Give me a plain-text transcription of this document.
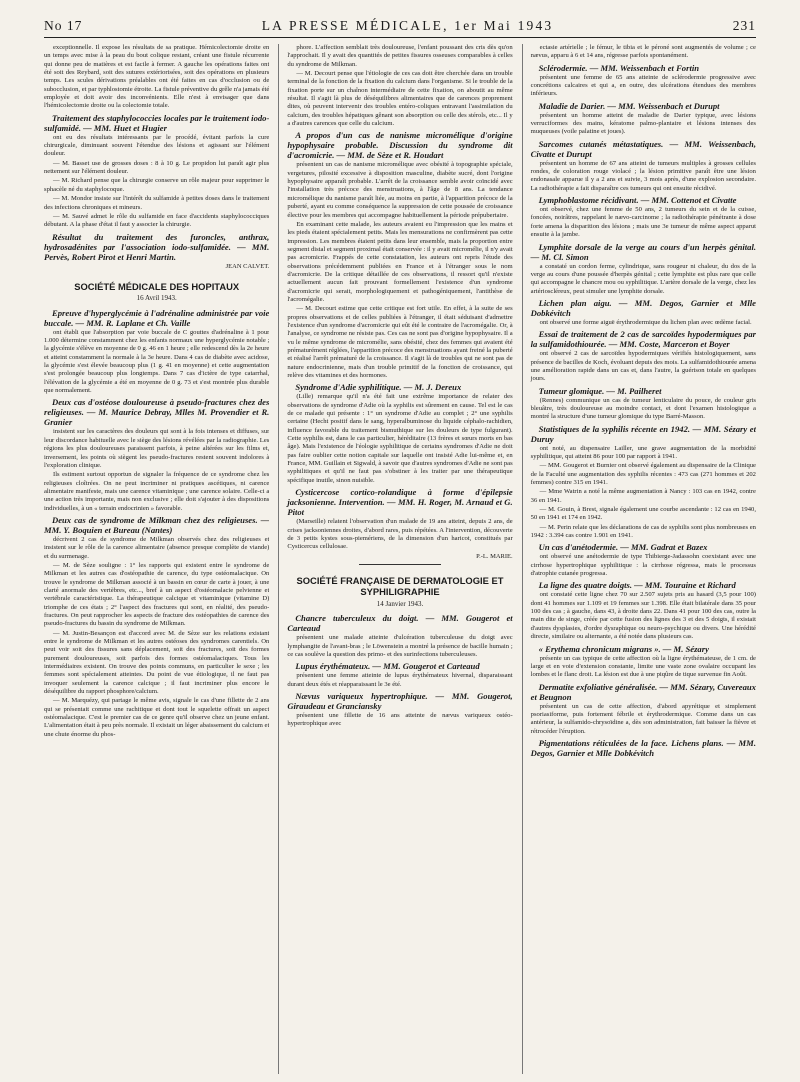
No 17	LA PRESSE MÉDICALE, 1er Mai 1943	231

exceptionnelle. Il expose les résultats de sa pratique. Hémicolectomie droite en un temps avec mise à la peau du bout colique restant, créant une fistule récurrente qui donne peu de matières et est facile à fermer. A gauche les opérations faites ont été soit des Reybard, soit des sutures extériorisées, soit des opérations en plusieurs temps. Les scules dérivations préalables ont été faites en cas d'occlusion ou de subocclusion, et par typhlostomie étroite. La fistule préventive du grêle n'a jamais été employée et doit avoir des inconvénients. Elle n'est à envisager que dans l'hémicolectomie droite ou la colectomie totale.

Traitement des staphylococcies locales par le traitement iodo-sulfamidé. — MM. Huet et Hugier

ont eu des résultats intéressants par le procédé, évitant parfois la cure chirurgicale, diminuant souvent l'étendue des lésions et agissant sur l'élément douleur.

— M. Basset use de grosses doses : 8 à 10 g. Le propidon lui paraît agir plus nettement sur l'élément douleur.

— M. Richard pense que la chirurgie conserve un rôle majeur pour supprimer le sphacèle né du staphylocoque.

— M. Mondor insiste sur l'intérêt du sulfamide à petites doses dans le traitement des infections chroniques et mineurs.

— M. Sauvé admet le rôle du sulfamide en face d'accidents staphylococciques débutant. A la phase d'état il faut y associer la chirurgie.

Résultat du traitement des furoncles, anthrax, hydrosadénites par l'association iodo-sulfamidée. — MM. Pervès, Robert Pirot et Henri Martin.
JEAN CALVET.
SOCIÉTÉ MÉDICALE DES HOPITAUX
16 Avril 1943.
Epreuve d'hyperglycémie à l'adrénaline administrée par voie buccale. — MM. R. Laplane et Ch. Vaille

ont établi que l'absorption par voie buccale de C gouttes d'adrénaline à 1 pour 1.000 détermine constamment chez les enfants normaux une hyperglycémie notable ; la glycémie s'élève en moyenne de 0 g. 46 en 1 heure ; elle redescend dès la 2e heure et atteint constamment la normale à la 3e heure. Dans 4 cas de diabète avec acidose, la glycémie s'est élevée beaucoup plus (1 g. 41 en moyenne) et cette augmentation s'est prolongée beaucoup plus longtemps. Dans 7 cas d'ictère de type catarrhal, l'élévation de la glycémie a été en moyenne de 0 g. 73 et s'est montrée plus durable que normalement.

Deux cas d'ostéose douloureuse à pseudo-fractures chez des religieuses. — M. Maurice Debray, Mlles M. Provendier et R. Granier

insistent sur les caractères des douleurs qui sont à la fois intenses et diffuses, sur leur discordance habituelle avec le siège des lésions révélées par la radiographie. Les régions les plus douloureuses paraissent parfois, à peine altérées sur les films et, inversement, les points où siègent les pseudo-fractures restent souvent indolores à l'exploration clinique.

Ils estiment surtout opportun de signaler la fréquence de ce syndrome chez les religieuses cloîtrées. On ne peut incriminer ni pratiques ascétiques, ni carence alimentaire manifeste, mais une carence vitaminique ; une carence solaire. Celle-ci a une action très importante, mais non exclusive ; elle doit s'ajouter à des dispositions individuelles, à un « terrain endocrinien » favorable.

Deux cas de syndrome de Milkman chez des religieuses. — MM. Y. Boquien et Bureau (Nantes)

décrivent 2 cas de syndrome de Milkman observés chez des religieuses et insistent sur le rôle de la carence alimentaire (absence presque complète de viande) et du surmenage.

— M. de Sèze souligne : 1° les rapports qui existent entre le syndrome de Milkman et les autres cas d'ostéopathie de carence, du type ostéomalacique. On trouve le syndrome de Milkman associé à un bassin en cœur de carte à jouer, à une clarté anormale des vertèbres, etc..., bref à un aspect d'ostéomalacie pelvienne et vertébrale caractéristique. La thérapeutique calcique et vitaminique (vitamine D) triomphe de ces états ; 2° l'aspect des fractures qui sont, en réalité, des pseudo-fractures. On peut rapprocher les aspects de fracture des ostéopathies de carence des pseudo-fractures du bassin du syndrome de Milkman.

— M. Justin-Besançon est d'accord avec M. de Sèze sur les relations existant entre le syndrome de Milkman et les autres ostéoses des syndromes carentiels. On peut voir soit des fissures sans déplacement, soit des fractures, soit des formes purement douloureuses, soit parfois des formes ostéomalaciques. Tous les intermédiaires existent. On trouve des points communs, en particulier le sexe ; les femmes sont spécialement atteintes. Du point de vue étiologique, il ne faut pas invoquer seulement la carence calcique ; il faut incriminer plus encore le déséquilibre du rapport phosphore/calcium.

— M. Marquézy, qui partage le même avis, signale le cas d'une fillette de 2 ans qui se présentait comme une rachitique et dont tout le squelette offrait un aspect ostéomalacique. C'est le premier cas de ce genre qu'il observe chez un jeune enfant. L'alimentation était à peu près normale. Il existait un léger abaissement du calcium et une chute énorme du phos-

phore. L'affection semblait très douloureuse, l'enfant poussant des cris dès qu'on l'approchait. Il y avait des quantités de petites fissures osseuses comparables à celles du syndrome de Milkman.

— M. Decourt pense que l'étiologie de ces cas doit être cherchée dans un trouble terminal de la fonction de la fixation du calcium dans l'organisme. Si le trouble de la fixation porte sur un chaînon intermédiaire de cette fixation, on aboutit au même résultat. Il s'agit là plus de déséquilibres alimentaires que de carences proprement dites, où peuvent intervenir des troubles entéro-coliques entravant l'assimilation du calcium, des troubles hépatiques gênant son absorption ou celle des stérols, etc... Il y a d'autres carences que celle du calcium.

A propos d'un cas de nanisme micromélique d'origine hypophysaire probable. Discussion du syndrome dit d'acromicrie. — MM. de Sèze et R. Houdart

présentent un cas de nanisme micromélique avec obésité à topographie spéciale, vergetures, pilosité excessive à disposition masculine, diabète sucré, dont l'origine hypophysaire apparaît probable. L'arrêt de la croissance semble avoir coïncidé avec l'installation très précoce des menstruations, à l'âge de 8 ans. La tendance micromélique du nanisme paraît liée, au moins en partie, à l'apparition précoce de la puberté, ayant eu comme conséquence la suppression de cette poussée de croissance élective pour les membres qui accompagne habituellement la période prépubertaire.

En examinant cette malade, les auteurs avaient eu l'impression que les mains et les pieds étaient spécialement petits. Mais les mensurations ne confirmèrent pas cette impression. Les membres étaient petits dans leur ensemble, mais la proportion entre segment distal et segment proximal était conservée : il y avait micromélie, il n'y avait pas acromicrie. Frappés de cette constatation, les auteurs ont repris l'étude des observations précédemment publiées en France et à l'étranger sous le nom d'acromicrie. De la critique détaillée de ces observations, il ressort qu'il n'existe actuellement aucun fait prouvant formellement l'existence d'un syndrome d'acromicrie qui serait, morphologiquement et pathogéniquement, l'antithèse de l'acromégalie.

— M. Decourt estime que cette critique est fort utile. En effet, à la suite de ses propres observations et de celles publiées à l'étranger, il était séduisant d'admettre l'existence d'un syndrome d'acromicrie qui eût été le contraire de l'acromégalie. Or, à l'analyse, ce syndrome ne résiste pas. Ces cas ne sont pas d'origine hypophysaire. Il a vu le même syndrome de micromélie, sans obésité, chez des femmes qui avaient été prématurément réglées, l'apparition précoce des menstruations ayant freiné la puberté et réalisé l'arrêt prématuré de la croissance. Il s'agit là de troubles qui ne sont pas de nature endocrinienne, mais d'un trouble primitif de la fonction de croissance, qui relève des vitamines et des hormones.

Syndrome d'Adie syphilitique. — M. J. Dereux

(Lille) remarque qu'il n'a été fait une extrême importance de relater des observations de syndrome d'Adie où la syphilis est sûrement en cause. Tel est le cas de ce malade qui présente : 1° un syndrome d'Adie au complet ; 2° une syphilis certaine (Hecht positif dans le sang, hyperalbuminose du liquide céphalo-rachidien, influence favorable du traitement bismuthique sur les douleurs de type fulgurant). Cette syphilis est, dans le cas particulier, héréditaire (13 frères et sœurs morts en bas âge). Mais l'existence de l'éologie syphilitique de certains syndromes d'Adie ne doit pas faire oublier cette notion capitale sur laquelle ont insisté Adie lui-même et, en France, MM. Guillain et Sigwald, à savoir que d'autres syndromes d'Adie ne sont pas syphilitiques et qu'il ne faut pas s'obstiner à les traiter par une thérapeutique spécifique inutile, sinon nuisible.

Cysticercose cortico-rolandique à forme d'épilepsie jacksonienne. Intervention. — MM. H. Roger, M. Arnaud et G. Pitot

(Marseille) relatent l'observation d'un malade de 19 ans atteint, depuis 2 ans, de crises jacksoniennes droites, d'abord rares, puis répétées. A l'intervention, découverte de 3 petits kystes sous-piemériens, de la dimension d'un haricot, constitués par Cysticercus cellulosae.

P.-L. MARIE.
SOCIÉTÉ FRANÇAISE DE DERMATOLOGIE ET SYPHILIGRAPHIE
14 Janvier 1943.
Chancre tuberculeux du doigt. — MM. Gougerot et Carteaud

présentent une malade atteinte d'ulcération tuberculeuse du doigt avec lymphangite de l'avant-bras ; le Löwenstein a montré la présence de bacille humain ; ce cas soulève la question des primo- et des surinfections tuberculeuses.

Lupus érythémateux. — MM. Gougerot et Carteaud

présentent une femme atteinte de lupus érythémateux hivernal, disparaissant durant deux étés et réapparaissant le 3e été.

Nævus variqueux hypertrophique. — MM. Gougerot, Giraudeau et Granciansky

présentent une fillette de 16 ans atteinte de nævus variqueux ostéo-hypertrophique avec

ectasie artérielle ; le fémur, le tibia et le péroné sont augmentés de volume ; ce nævus, apparu à 6 et 14 ans, régresse parfois spontanément.

Sclérodermie. — MM. Weissenbach et Fortin

présentent une femme de 65 ans atteinte de sclérodermie progressive avec concrétions calcaires et qui a, en outre, des ulcérations étendues des membres inférieurs.

Maladie de Darier. — MM. Weissenbach et Durupt

présentent un homme atteint de maladie de Darier typique, avec lésions verruciformes des mains, kératome palmo-plantaire et lésions intenses des muqueuses (voile palatine et joues).

Sarcomes cutanés métastatiques. — MM. Weissenbach, Civatte et Durupt

présentent un homme de 67 ans atteint de tumeurs multiples à grosses cellules rondes, de coloration rouge violacé ; la lésion primitive paraît être une lésion endonasale apparue il y a 2 ans et suivie, 3 mois après, d'une explosion secondaire. La radiothérapie a fait disparaître ces tumeurs qui ont ensuite récidivé.

Lymphoblastome récidivant. — MM. Cottenot et Civatte

ont observé, chez une femme de 50 ans, 2 tumeurs du sein et de la cuisse, foncées, noirâtres, rappelant le nævo-carcinome ; la radiothérapie pénétrante à dose forte amena la disparition des lésions ; mais une 3e tumeur de même aspect apparut ensuite à la jambe.

Lymphite dorsale de la verge au cours d'un herpès génital. — M. Cl. Simon

a constaté un cordon ferme, cylindrique, sans rougeur ni chaleur, du dos de la verge au cours d'une poussée d'herpès génital ; cette lymphite est plus rare que celle qui accompagne le chancre mou ou syphilitique. L'artère dorsale de la verge, chez les artérioscléreux, peut simuler une lymphite dorsale.

Lichen plan aigu. — MM. Degos, Garnier et Mlle Dobkévitch

ont observé une forme aiguë érythrodermique du lichen plan avec œdème facial.

Essai de traitement de 2 cas de sarcoïdes hypodermiques par la sulfamidothiourée. — MM. Coste, Marceron et Boyer

ont observé 2 cas de sarcoïdes hypodermiques vérifiés histologiquement, sans présence de bacilles de Koch, évoluant depuis des mois. La sulfamidothiourée amena une amélioration rapide dans un cas et, dans l'autre, la guérison totale en quelques jours.

Tumeur glomique. — M. Pailheret

(Rennes) communique un cas de tumeur lenticulaire du pouce, de couleur gris bleuâtre, très douloureuse au moindre contact, et dont l'examen histologique a montré la structure d'une tumeur glomique du type Barré-Masson.

Statistiques de la syphilis récente en 1942. — MM. Sézary et Duruy

ont noté, au dispensaire Lailler, une grave augmentation de la morbidité syphilitique, qui atteint 86 pour 100 par rapport à 1941.

— MM. Gougerot et Burnier ont observé également au dispensaire de la Clinique de la Faculté une augmentation des syphilis récentes : 473 cas (271 hommes et 202 femmes) contre 315 en 1941.

— Mme Watrin a noté la même augmentation à Nancy : 103 cas en 1942, contre 36 en 1941.

— M. Gouin, à Brest, signale également une courbe ascendante : 12 cas en 1940, 50 en 1941 et 174 en 1942.

— M. Perin relate que les déclarations de cas de syphilis sont plus nombreuses en 1942 : 3.394 cas contre 1.901 en 1941.

Un cas d'anétodermie. — MM. Gadrat et Bazex

ont observé une anétodermie de type Thibierge-Jadassohn coexistant avec une cirrhose hypertrophique syphilitique : la cirrhose régressa, mais le processus d'atrophie cutanée progressa.

La ligne des quatre doigts. — MM. Touraine et Richard

ont constaté cette ligne chez 70 sur 2.507 sujets pris au hasard (3,5 pour 100) dont 41 hommes sur 1.109 et 19 femmes sur 1.398. Elle était bilatérale dans 35 pour 100 des cas ; à gauche, dans 43, à droite dans 22. Dans 41 pour 100 des cas, outre la main dite de singe, créée par cette fusion des lignes des 3 et des 5 doigts, il existait d'autres dysplasies, d'ordre dysraphique ou neuro-psychique ou divers. Une hérédité directe, similaire ou alternante, a été notée dans plusieurs cas.

« Erythema chronicum migrans ». — M. Sézary

présente un cas typique de cette affection où la ligne érythémateuse, de 1 cm. de large et en voie d'extension constante, limite une vaste zone ovalaire occupant les lombes et le flanc droit. La lésion est due à une piqûre de tique survenue fin Août.

Dermatite exfoliative généralisée. — MM. Sézary, Cuvereaux et Beugnon

présentent un cas de cette affection, d'abord apyrétique et simplement psoriasiforme, puis fortement fébrile et érythrodermique. Comme dans un cas antérieur, la sulfamido-chrysoïdine a, dès son administration, fait baisser la fièvre et rétrocéder l'éruption.

Pigmentations réticulées de la face. Lichens plans. — MM. Degos, Garnier et Mlle Dobkévitch
